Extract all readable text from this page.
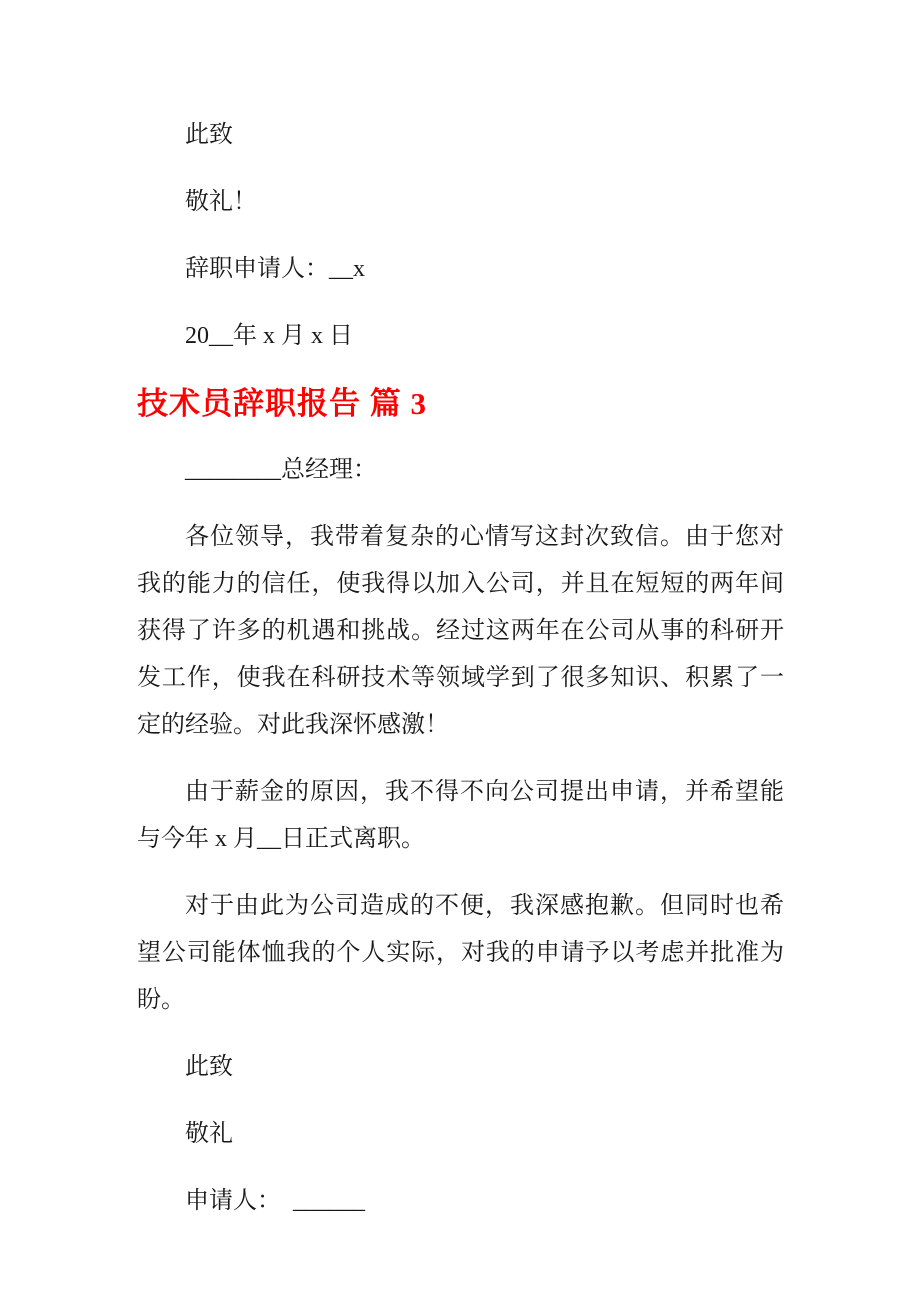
此致

敬礼！

辞职申请人：__x

20__年 x 月 x 日

技术员辞职报告 篇 3

________总经理：

各位领导，我带着复杂的心情写这封次致信。由于您对我的能力的信任，使我得以加入公司，并且在短短的两年间获得了许多的机遇和挑战。经过这两年在公司从事的科研开发工作，使我在科研技术等领域学到了很多知识、积累了一定的经验。对此我深怀感激！

由于薪金的原因，我不得不向公司提出申请，并希望能与今年 x 月__日正式离职。

对于由此为公司造成的不便，我深感抱歉。但同时也希望公司能体恤我的个人实际，对我的申请予以考虑并批准为盼。

此致

敬礼

申请人：　______
